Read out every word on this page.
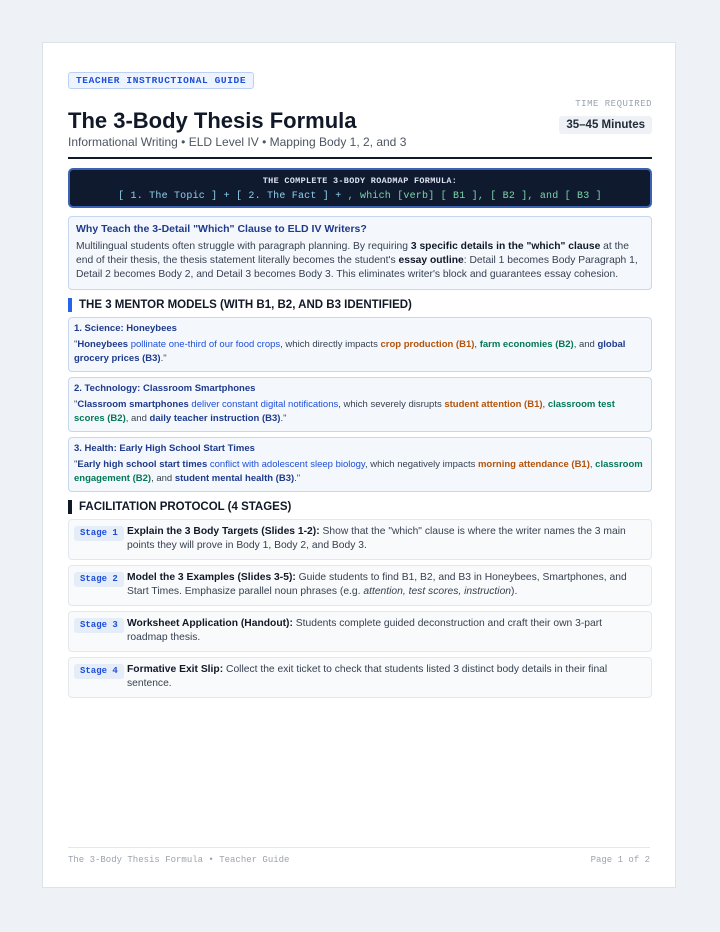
TEACHER INSTRUCTIONAL GUIDE
The 3-Body Thesis Formula
Informational Writing • ELD Level IV • Mapping Body 1, 2, and 3
TIME REQUIRED
35–45 Minutes
THE COMPLETE 3-BODY ROADMAP FORMULA:
[ 1. The Topic ] + [ 2. The Fact ] + , which [verb] [ B1 ], [ B2 ], and [ B3 ]
Why Teach the 3-Detail "Which" Clause to ELD IV Writers?
Multilingual students often struggle with paragraph planning. By requiring 3 specific details in the "which" clause at the end of their thesis, the thesis statement literally becomes the student's essay outline: Detail 1 becomes Body Paragraph 1, Detail 2 becomes Body 2, and Detail 3 becomes Body 3. This eliminates writer's block and guarantees essay cohesion.
THE 3 MENTOR MODELS (WITH B1, B2, AND B3 IDENTIFIED)
1. Science: Honeybees
"Honeybees pollinate one-third of our food crops, which directly impacts crop production (B1), farm economies (B2), and global grocery prices (B3)."
2. Technology: Classroom Smartphones
"Classroom smartphones deliver constant digital notifications, which severely disrupts student attention (B1), classroom test scores (B2), and daily teacher instruction (B3)."
3. Health: Early High School Start Times
"Early high school start times conflict with adolescent sleep biology, which negatively impacts morning attendance (B1), classroom engagement (B2), and student mental health (B3)."
FACILITATION PROTOCOL (4 STAGES)
Stage 1 Explain the 3 Body Targets (Slides 1-2): Show that the "which" clause is where the writer names the 3 main points they will prove in Body 1, Body 2, and Body 3.
Stage 2 Model the 3 Examples (Slides 3-5): Guide students to find B1, B2, and B3 in Honeybees, Smartphones, and Start Times. Emphasize parallel noun phrases (e.g. attention, test scores, instruction).
Stage 3 Worksheet Application (Handout): Students complete guided deconstruction and craft their own 3-part roadmap thesis.
Stage 4 Formative Exit Slip: Collect the exit ticket to check that students listed 3 distinct body details in their final sentence.
The 3-Body Thesis Formula • Teacher Guide	Page 1 of 2
